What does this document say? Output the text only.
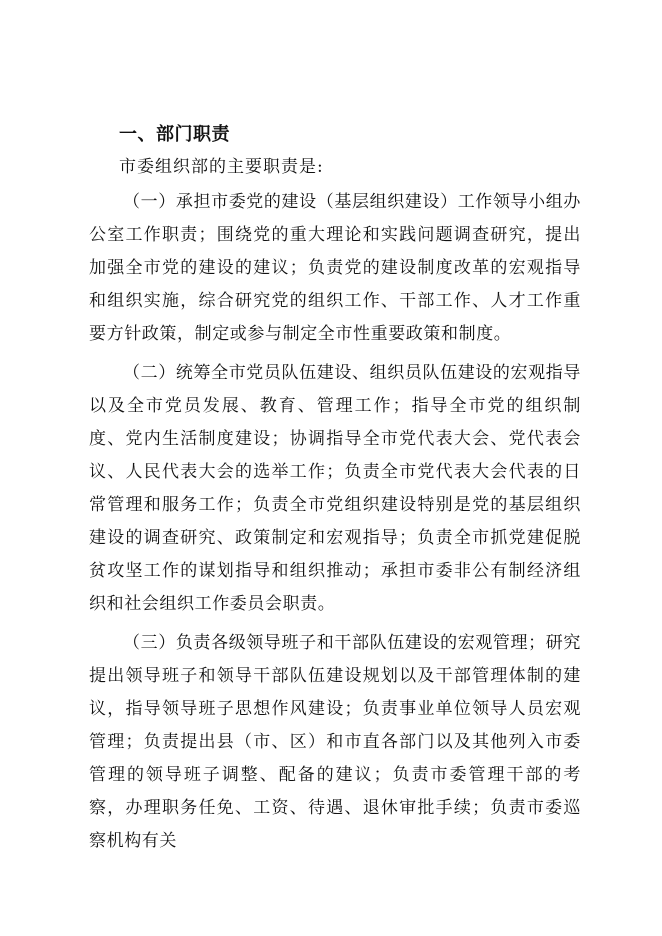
一、部门职责
市委组织部的主要职责是:

（一）承担市委党的建设（基层组织建设）工作领导小组办公室工作职责；围绕党的重大理论和实践问题调查研究，提出加强全市党的建设的建议；负责党的建设制度改革的宏观指导和组织实施，综合研究党的组织工作、干部工作、人才工作重要方针政策，制定或参与制定全市性重要政策和制度。

（二）统筹全市党员队伍建设、组织员队伍建设的宏观指导以及全市党员发展、教育、管理工作；指导全市党的组织制度、党内生活制度建设；协调指导全市党代表大会、党代表会议、人民代表大会的选举工作；负责全市党代表大会代表的日常管理和服务工作；负责全市党组织建设特别是党的基层组织建设的调查研究、政策制定和宏观指导；负责全市抓党建促脱贫攻坚工作的谋划指导和组织推动；承担市委非公有制经济组织和社会组织工作委员会职责。

（三）负责各级领导班子和干部队伍建设的宏观管理；研究提出领导班子和领导干部队伍建设规划以及干部管理体制的建议，指导领导班子思想作风建设；负责事业单位领导人员宏观管理；负责提出县（市、区）和市直各部门以及其他列入市委管理的领导班子调整、配备的建议；负责市委管理干部的考察，办理职务任免、工资、待遇、退休审批手续；负责市委巡察机构有关
